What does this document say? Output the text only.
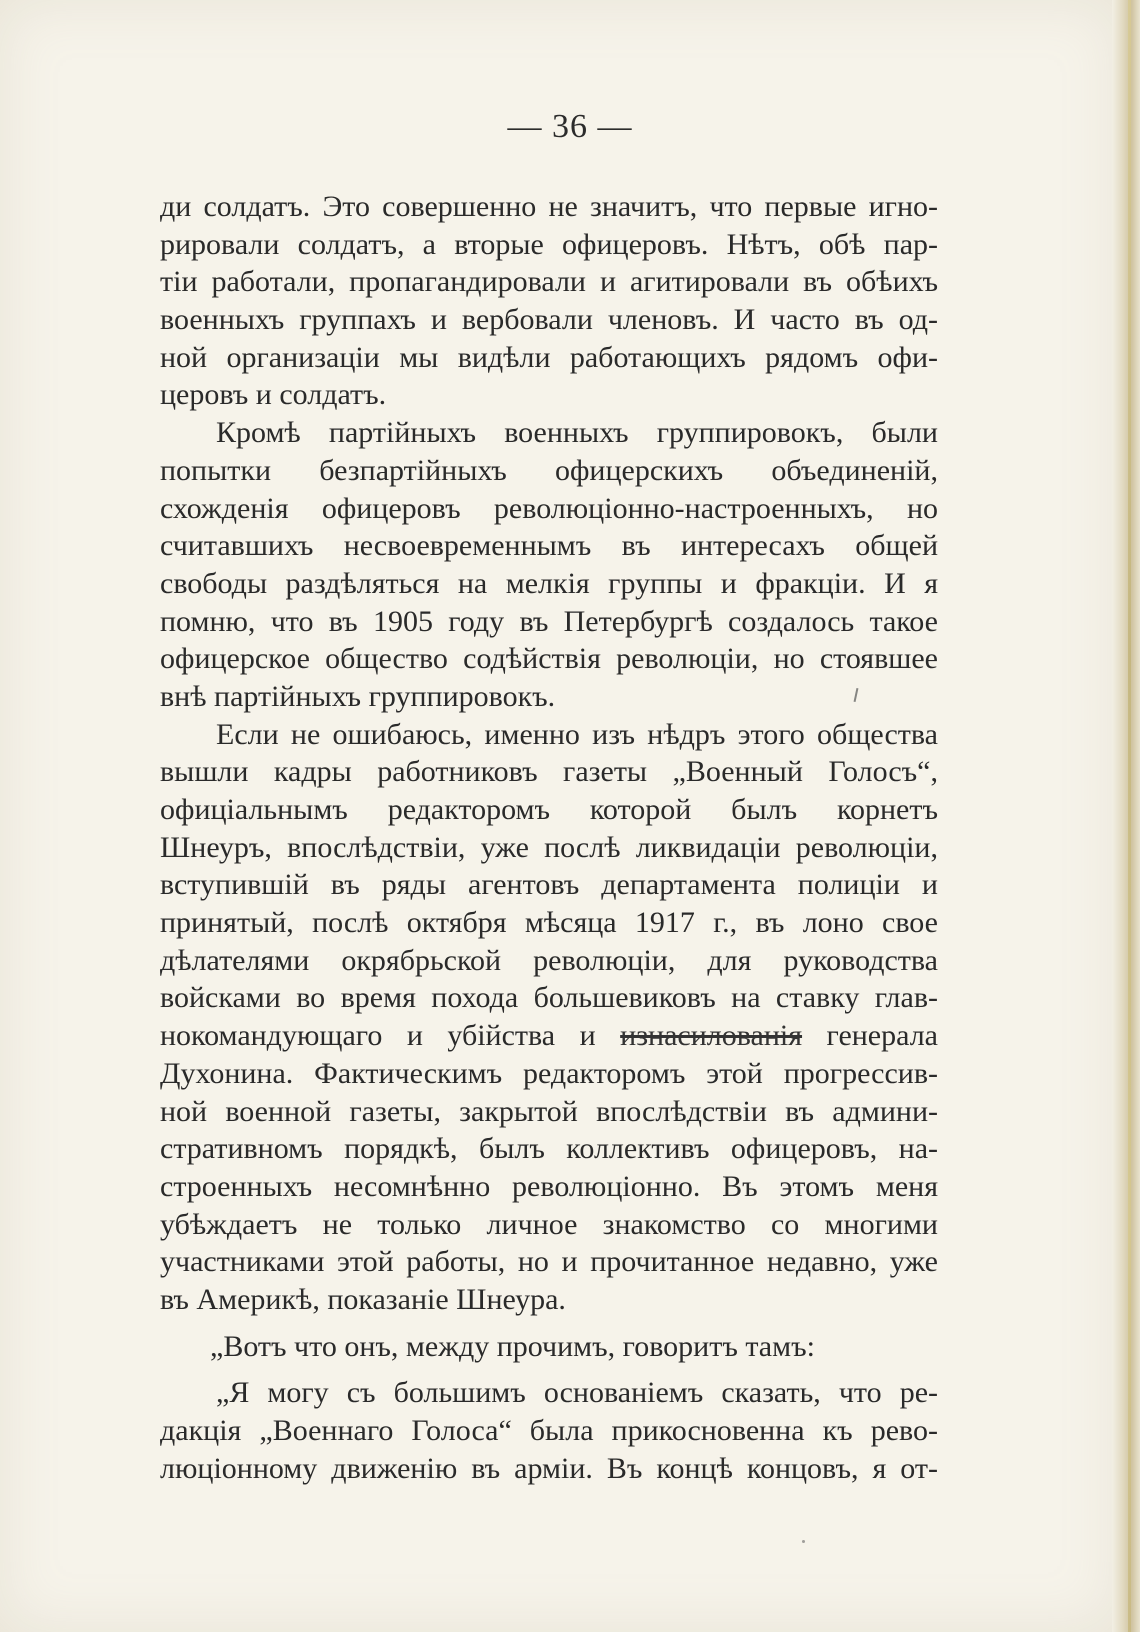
— 36 —
ди солдатъ. Это совершенно не значитъ, что первые игно-
рировали солдатъ, а вторые офицеровъ. Нѣтъ, обѣ пар-
тіи работали, пропагандировали и агитировали въ обѣихъ
военныхъ группахъ и вербовали членовъ. И часто въ од-
ной организаціи мы видѣли работающихъ рядомъ офи-
церовъ и солдатъ.
Кромѣ партійныхъ военныхъ группировокъ, были
попытки безпартійныхъ офицерскихъ объединеній,
схожденія офицеровъ революціонно-настроенныхъ, но
считавшихъ несвоевременнымъ въ интересахъ общей
свободы раздѣляться на мелкія группы и фракціи. И я
помню, что въ 1905 году въ Петербургѣ создалось такое
офицерское общество содѣйствія революціи, но стоявшее
внѣ партійныхъ группировокъ.
Если не ошибаюсь, именно изъ нѣдръ этого общества
вышли кадры работниковъ газеты „Военный Голосъ“,
офиціальнымъ редакторомъ которой былъ корнетъ
Шнеуръ, впослѣдствіи, уже послѣ ликвидаціи революціи,
вступившій въ ряды агентовъ департамента полиціи и
принятый, послѣ октября мѣсяца 1917 г., въ лоно свое
дѣлателями окрябрьской революціи, для руководства
войсками во время похода большевиковъ на ставку глав-
нокомандующаго и убійства и изнасилованія генерала
Духонина. Фактическимъ редакторомъ этой прогрессив-
ной военной газеты, закрытой впослѣдствіи въ админи-
стративномъ порядкѣ, былъ коллективъ офицеровъ, на-
строенныхъ несомнѣнно революціонно. Въ этомъ меня
убѣждаетъ не только личное знакомство со многими
участниками этой работы, но и прочитанное недавно, уже
въ Америкѣ, показаніе Шнеура.
„Вотъ что онъ, между прочимъ, говоритъ тамъ:
„Я могу съ большимъ основаніемъ сказать, что ре-
дакція „Военнаго Голоса“ была прикосновенна къ рево-
люціонному движенію въ арміи. Въ концѣ концовъ, я от-
